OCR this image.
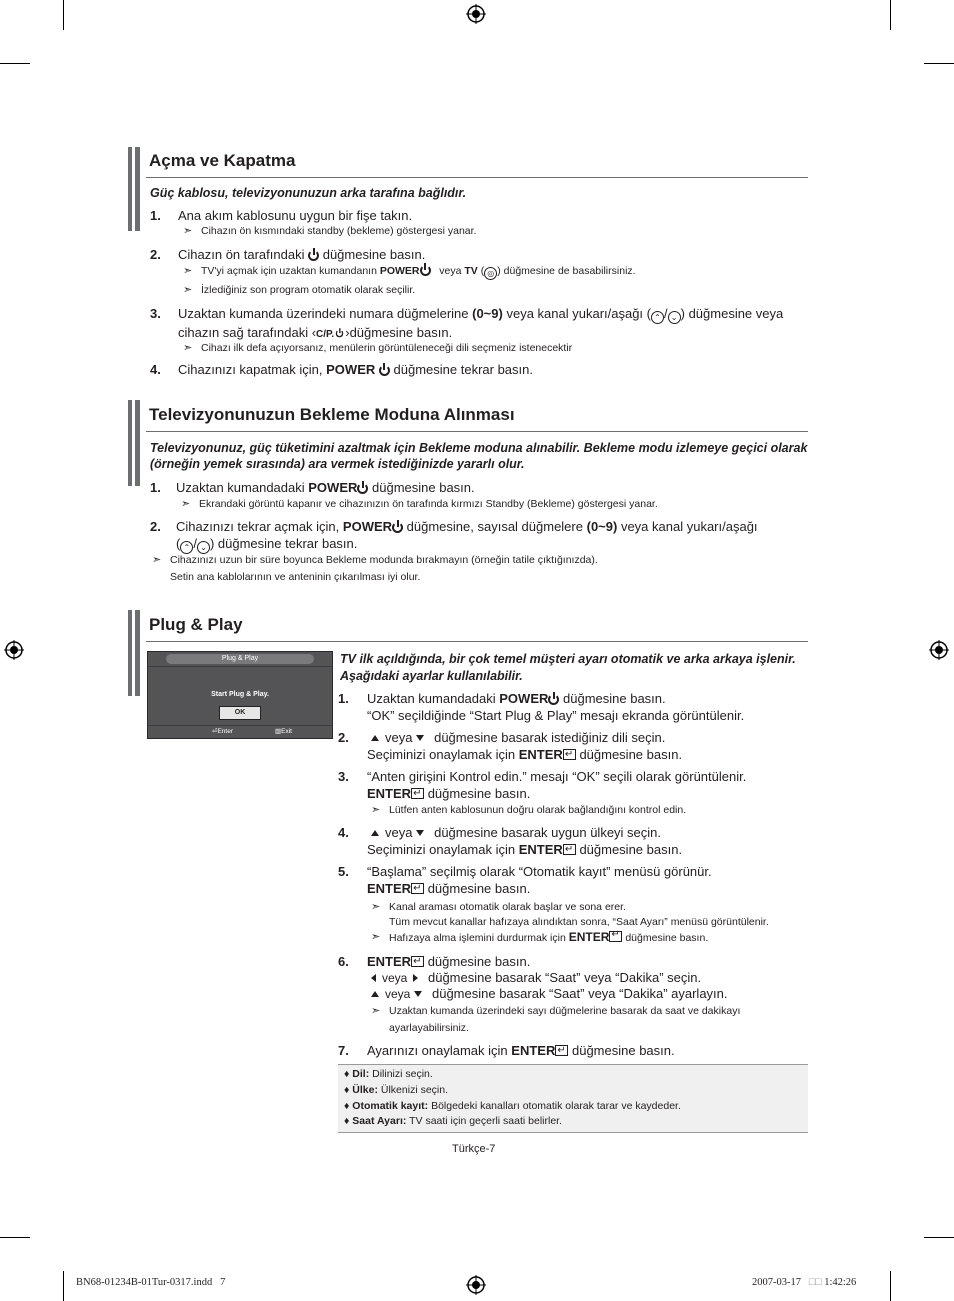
Açma ve Kapatma
Güç kablosu, televizyonunuzun arka tarafına bağlıdır.
1. Ana akım kablosunu uygun bir fişe takın.
➣ Cihazın ön kısmındaki standby (bekleme) göstergesi yanar.
2. Cihazın ön tarafındaki düğmesine basın.
➣ TV'yi açmak için uzaktan kumandanın POWER veya TV ( ◎ ) düğmesine de basabilirsiniz.
➣ İzlediğiniz son program otomatik olarak seçilir.
3. Uzaktan kumanda üzerindeki numara düğmelerine (0~9) veya kanal yukarı/aşağı ( ⌃ / ⌄ ) düğmesine veya
cihazın sağ tarafındaki ‹C/P. ›düğmesine basın.
➣ Cihazı ilk defa açıyorsanız, menülerin görüntüleneceği dili seçmeniz istenecektir
4. Cihazınızı kapatmak için, POWER düğmesine tekrar basın.
Televizyonunuzun Bekleme Moduna Alınması
Televizyonunuz, güç tüketimini azaltmak için Bekleme moduna alınabilir. Bekleme modu izlemeye geçici olarak (örneğin yemek sırasında) ara vermek istediğinizde yararlı olur.
1. Uzaktan kumandadaki POWER düğmesine basın.
➣ Ekrandaki görüntü kapanır ve cihazınızın ön tarafında kırmızı Standby (Bekleme) göstergesi yanar.
2. Cihazınızı tekrar açmak için, POWER düğmesine, sayısal düğmelere (0~9) veya kanal yukarı/aşağı
( ⌃ / ⌄ ) düğmesine tekrar basın.
➣ Cihazınızı uzun bir süre boyunca Bekleme modunda bırakmayın (örneğin tatile çıktığınızda).
Setin ana kablolarının ve anteninin çıkarılması iyi olur.
Plug & Play
Plug & Play
Start Plug & Play.
OK
⏎Enter	▥Exit
TV ilk açıldığında, bir çok temel müşteri ayarı otomatik ve arka arkaya işlenir. Aşağıdaki ayarlar kullanılabilir.
1. Uzaktan kumandadaki POWER düğmesine basın.
“OK” seçildiğinde “Start Plug & Play” mesajı ekranda görüntülenir.
2.	veya düğmesine basarak istediğiniz dili seçin.
Seçiminizi onaylamak için ENTER ↵ düğmesine basın.
3. “Anten girişini Kontrol edin.” mesajı “OK” seçili olarak görüntülenir.
ENTER ↵ düğmesine basın.
➣ Lütfen anten kablosunun doğru olarak bağlandığını kontrol edin.
4.	veya düğmesine basarak uygun ülkeyi seçin.
Seçiminizi onaylamak için ENTER ↵ düğmesine basın.
5. “Başlama” seçilmiş olarak “Otomatik kayıt” menüsü görünür.
ENTER ↵ düğmesine basın.
➣ Kanal araması otomatik olarak başlar ve sona erer.
Tüm mevcut kanallar hafızaya alındıktan sonra, “Saat Ayarı” menüsü görüntülenir.
➣ Hafızaya alma işlemini durdurmak için ENTER ↵ düğmesine basın.
6. ENTER ↵ düğmesine basın.
veya düğmesine basarak “Saat” veya “Dakika” seçin.
veya düğmesine basarak “Saat” veya “Dakika” ayarlayın.
➣ Uzaktan kumanda üzerindeki sayı düğmelerine basarak da saat ve dakikayı
ayarlayabilirsiniz.
7. Ayarınızı onaylamak için ENTER ↵ düğmesine basın.
♦ Dil: Dilinizi seçin.
♦ Ülke: Ülkenizi seçin.
♦ Otomatik kayıt: Bölgedeki kanalları otomatik olarak tarar ve kaydeder.
♦ Saat Ayarı: TV saati için geçerli saati belirler.
Türkçe-7
BN68-01234B-01Tur-0317.indd   7	2007-03-17 □□ 1:42:26
